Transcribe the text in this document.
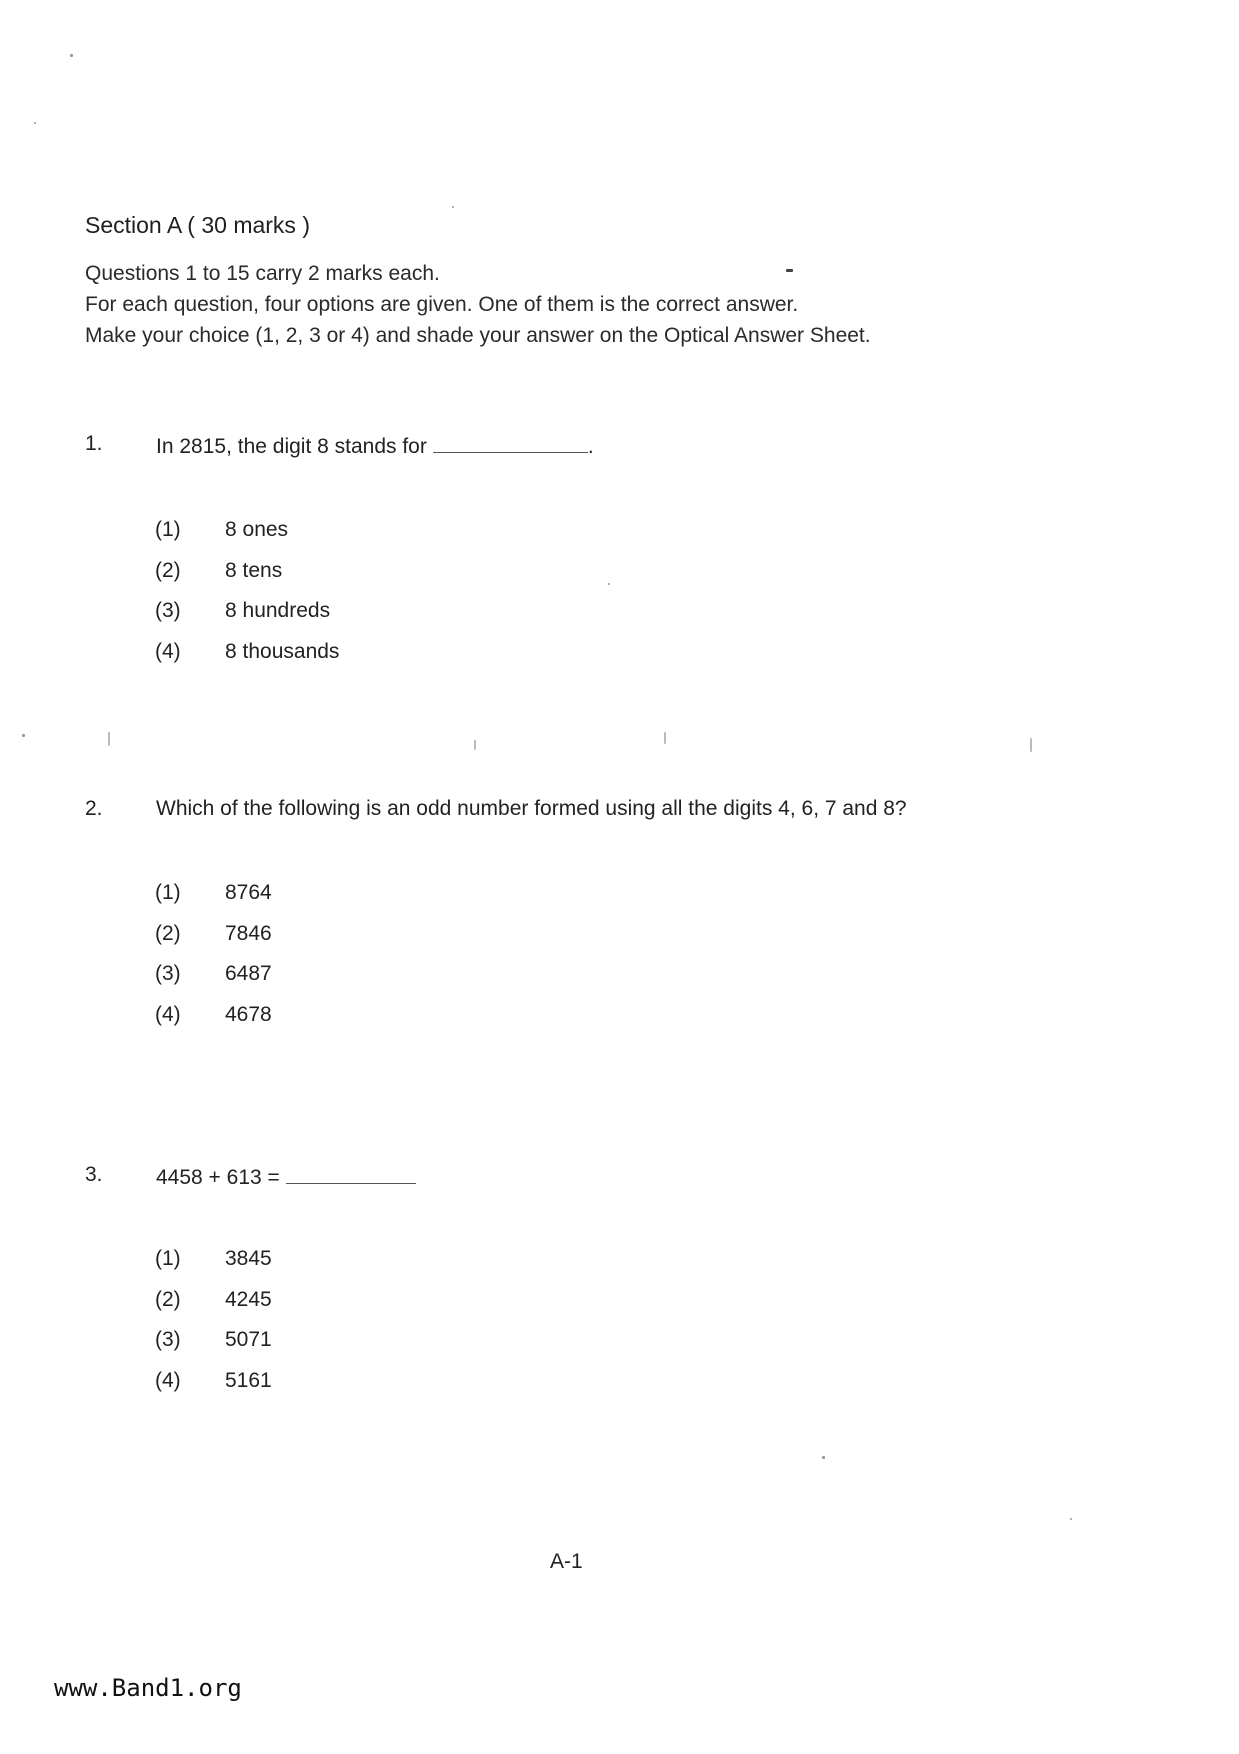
Section A ( 30 marks )
Questions 1 to 15 carry 2 marks each.
For each question, four options are given. One of them is the correct answer.
Make your choice (1, 2, 3 or 4) and shade your answer on the Optical Answer Sheet.
1.	In 2815, the digit 8 stands for	.
(1) 8 ones
(2) 8 tens
(3) 8 hundreds
(4) 8 thousands
2.	Which of the following is an odd number formed using all the digits 4, 6, 7 and 8?
(1) 8764
(2) 7846
(3) 6487
(4) 4678
3.	4458 + 613 =
(1) 3845
(2) 4245
(3) 5071
(4) 5161
A-1
www.Band1.org
